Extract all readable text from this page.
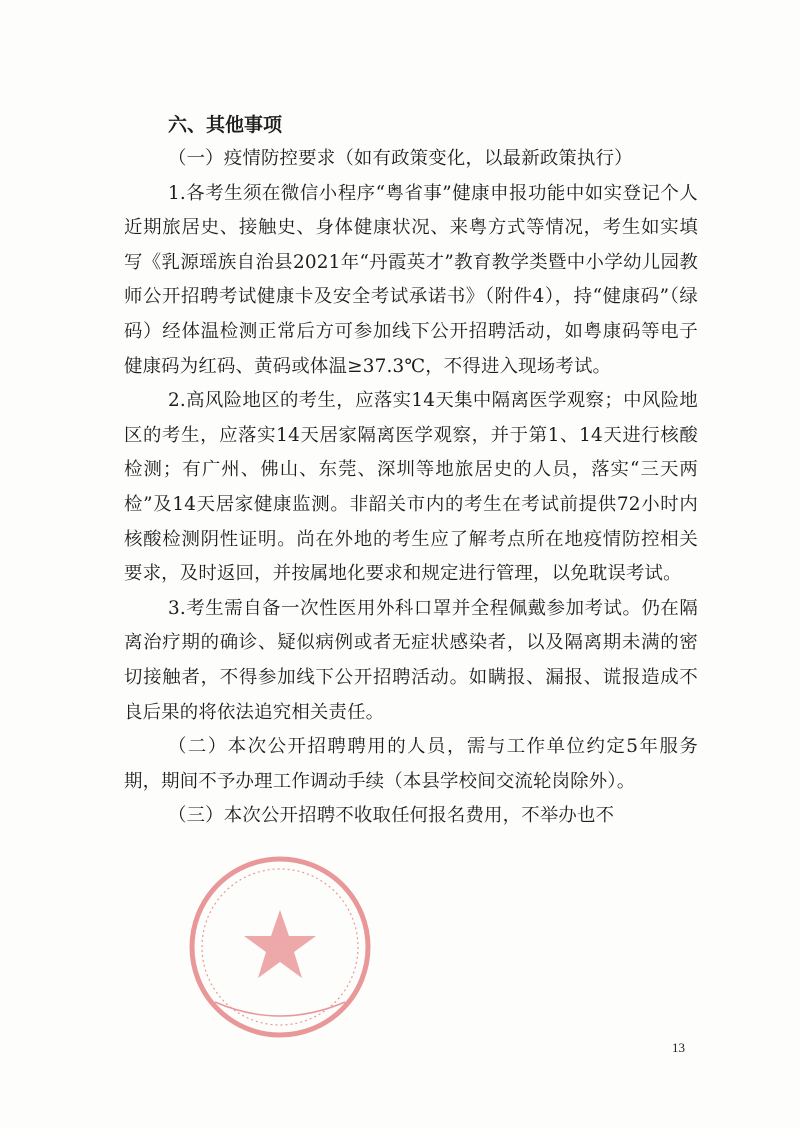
六、其他事项

（一）疫情防控要求（如有政策变化，以最新政策执行）

1.各考生须在微信小程序“粤省事”健康申报功能中如实登记个人近期旅居史、接触史、身体健康状况、来粤方式等情况，考生如实填写《乳源瑶族自治县2021年“丹霞英才”教育教学类暨中小学幼儿园教师公开招聘考试健康卡及安全考试承诺书》（附件4），持“健康码”（绿码）经体温检测正常后方可参加线下公开招聘活动，如粤康码等电子健康码为红码、黄码或体温≥37.3℃，不得进入现场考试。

2.高风险地区的考生，应落实14天集中隔离医学观察；中风险地区的考生，应落实14天居家隔离医学观察，并于第1、14天进行核酸检测；有广州、佛山、东莞、深圳等地旅居史的人员，落实“三天两检”及14天居家健康监测。非韶关市内的考生在考试前提供72小时内核酸检测阴性证明。尚在外地的考生应了解考点所在地疫情防控相关要求，及时返回，并按属地化要求和规定进行管理，以免耽误考试。

3.考生需自备一次性医用外科口罩并全程佩戴参加考试。仍在隔离治疗期的确诊、疑似病例或者无症状感染者，以及隔离期未满的密切接触者，不得参加线下公开招聘活动。如瞒报、漏报、谎报造成不良后果的将依法追究相关责任。

（二）本次公开招聘聘用的人员，需与工作单位约定5年服务期，期间不予办理工作调动手续（本县学校间交流轮岗除外）。

（三）本次公开招聘不收取任何报名费用，不举办也不

13
